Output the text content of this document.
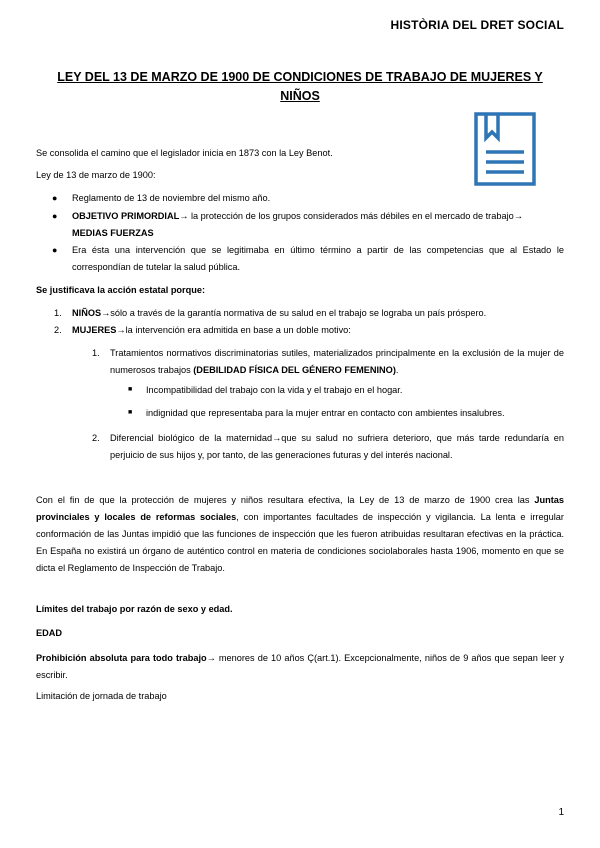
HISTÒRIA DEL DRET SOCIAL
LEY DEL 13 DE MARZO DE 1900 DE CONDICIONES DE TRABAJO DE MUJERES Y NIÑOS
Se consolida el camino que el legislador inicia en 1873 con la Ley Benot.
Ley de 13 de marzo de 1900:
● Reglamento de 13 de noviembre del mismo año.
● OBJETIVO PRIMORDIAL→ la protección de los grupos considerados más débiles en el mercado de trabajo→
MEDIAS FUERZAS
● Era ésta una intervención que se legitimaba en último término a partir de las competencias que al Estado le correspondían de tutelar la salud pública.
Se justificava la acción estatal porque:
1. NIÑOS→sólo a través de la garantía normativa de su salud en el trabajo se lograba un país próspero.
2. MUJERES→la intervención era admitida en base a un doble motivo:
1. Tratamientos normativos discriminatorias sutiles, materializados principalmente en la exclusión de la mujer de numerosos trabajos (DEBILIDAD FÍSICA DEL GÉNERO FEMENINO).
■ Incompatibilidad del trabajo con la vida y el trabajo en el hogar.
■ indignidad que representaba para la mujer entrar en contacto con ambientes insalubres.
2. Diferencial biológico de la maternidad→que su salud no sufriera deterioro, que más tarde redundaría en perjuicio de sus hijos y, por tanto, de las generaciones futuras y del interés nacional.
Con el fin de que la protección de mujeres y niños resultara efectiva, la Ley de 13 de marzo de 1900 crea las Juntas provinciales y locales de reformas sociales, con importantes facultades de inspección y vigilancia. La lenta e irregular conformación de las Juntas impidió que las funciones de inspección que les fueron atribuidas resultaran efectivas en la práctica. En España no existirá un órgano de auténtico control en materia de condiciones sociolaborales hasta 1906, momento en que se dicta el Reglamento de Inspección de Trabajo.
Límites del trabajo por razón de sexo y edad.
EDAD
Prohibición absoluta para todo trabajo→ menores de 10 años Ç(art.1). Excepcionalmente, niños de 9 años que sepan leer y escribir.
Limitación de jornada de trabajo
1
